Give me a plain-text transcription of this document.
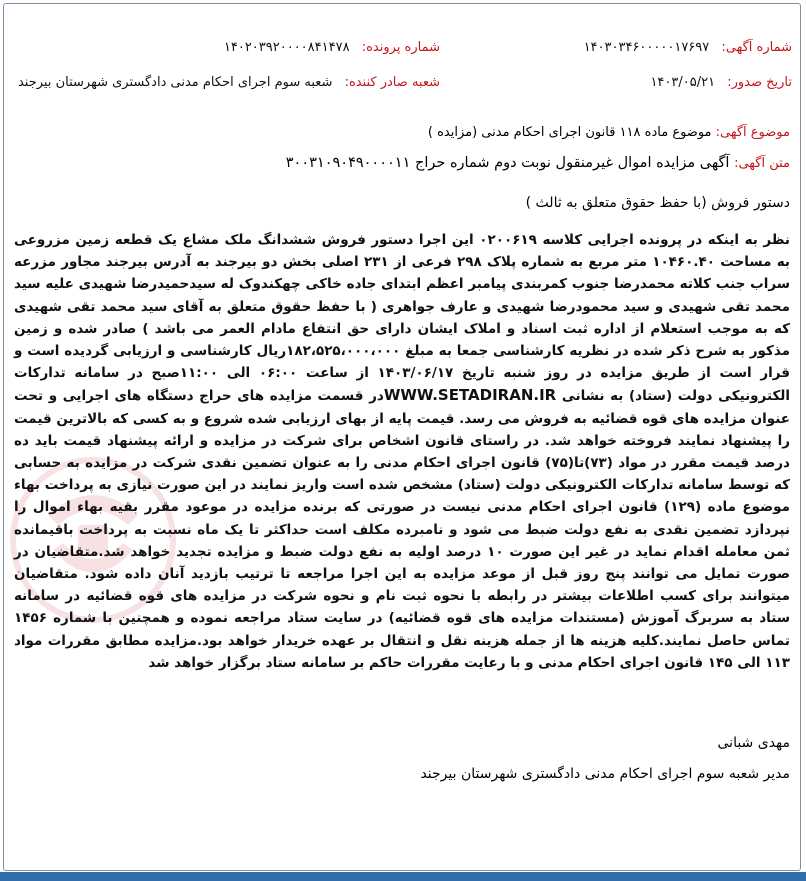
شماره آگهی: ۱۴۰۳۰۳۴۶۰۰۰۰۰۱۷۶۹۷
شماره پرونده: ۱۴۰۲۰۳۹۲۰۰۰۰۸۴۱۴۷۸
تاریخ صدور: ۱۴۰۳/۰۵/۲۱
شعبه صادر کننده: شعبه سوم اجرای احکام مدنی دادگستری شهرستان بیرجند
موضوع آگهی: موضوع ماده ۱۱۸ قانون اجرای احکام مدنی (مزایده )
متن آگهی: آگهی مزایده اموال غیرمنقول نوبت دوم شماره حراج ۳۰۰۳۱۰۹۰۴۹۰۰۰۰۱۱
دستور فروش (با حفظ حقوق متعلق به ثالث )
نظر به اینکه در پرونده اجرایی کلاسه ۰۲۰۰۶۱۹ این اجرا دستور فروش ششدانگ ملک مشاع یک قطعه زمین مزروعی به مساحت ۱۰۴۶۰.۴۰ متر مربع به شماره پلاک ۲۹۸ فرعی از ۲۳۱ اصلی بخش دو بیرجند به آدرس بیرجند مجاور مزرعه سراب جنب کلاته محمدرضا جنوب کمربندی پیامبر اعظم ابتدای جاده خاکی چهکندوک له سیدحمیدرضا شهیدی علیه سید محمد تقی شهیدی و سید محمودرضا شهیدی و عارف جواهری ( با حفظ حقوق متعلق به آقای سید محمد تقی شهیدی که به موجب استعلام از اداره ثبت اسناد و املاک ایشان دارای حق انتفاع مادام العمر می باشد ) صادر شده و زمین مذکور به شرح ذکر شده در نظریه کارشناسی جمعا به مبلغ ۱۸۲،۵۲۵،۰۰۰،۰۰۰ریال کارشناسی و ارزیابی گردیده است و قرار است از طریق مزایده در روز شنبه تاریخ ۱۴۰۳/۰۶/۱۷ از ساعت ۰۶:۰۰ الی ۱۱:۰۰صبح در سامانه تدارکات الکترونیکی دولت (ستاد) به نشانی WWW.SETADIRAN.IRدر قسمت مزایده های حراج دستگاه های اجرایی و تحت عنوان مزایده های قوه قضائیه به فروش می رسد. قیمت پایه از بهای ارزیابی شده شروع و به کسی که بالاترین قیمت را پیشنهاد نمایند فروخته خواهد شد. در راستای قانون اشخاص برای شرکت در مزایده و ارائه پیشنهاد قیمت باید ده درصد قیمت مقرر در مواد (۷۳)تا(۷۵) قانون اجرای احکام مدنی را به عنوان تضمین نقدی شرکت در مزایده به حسابی که توسط سامانه تدارکات الکترونیکی دولت (ستاد) مشخص شده است واریز نمایند در این صورت نیازی به پرداخت بهاء موضوع ماده (۱۲۹) قانون اجرای احکام مدنی نیست در صورتی که برنده مزایده در موعود مقرر بقیه بهاء اموال را نپردازد تضمین نقدی به نفع دولت ضبط می شود و نامبرده مکلف است حداکثر تا یک ماه نسبت به پرداخت باقیمانده ثمن معامله اقدام نماید در غیر این صورت ۱۰ درصد اولیه به نفع دولت ضبط و مزایده تجدید خواهد شد.متقاضیان در صورت تمایل می توانند پنج روز قبل از موعد مزایده به این اجرا مراجعه تا ترتیب بازدید آنان داده شود. متقاضیان میتوانند برای کسب اطلاعات بیشتر در رابطه با نحوه ثبت نام و نحوه شرکت در مزایده های قوه قضائیه در سامانه ستاد به سربرگ آموزش (مستندات مزایده های قوه قضائیه) در سایت ستاد مراجعه نموده و همچنین با شماره ۱۴۵۶ تماس حاصل نمایند.کلیه هزینه ها از جمله هزینه نقل و انتقال بر عهده خریدار خواهد بود.مزایده مطابق مقررات مواد ۱۱۳ الی ۱۴۵ قانون اجرای احکام مدنی و با رعایت مقررات حاکم بر سامانه ستاد برگزار خواهد شد
مهدی شبانی
مدیر شعبه سوم اجرای احکام مدنی دادگستری شهرستان بیرجند
